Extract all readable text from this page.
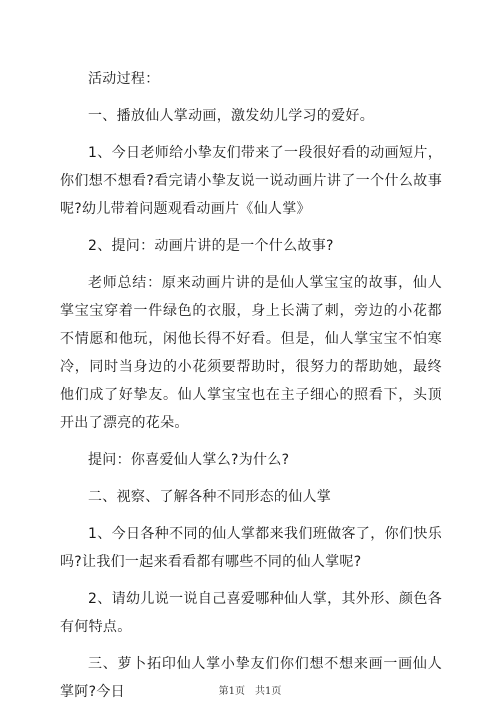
活动过程：

一、播放仙人掌动画，激发幼儿学习的爱好。

1、今日老师给小挚友们带来了一段很好看的动画短片，你们想不想看?看完请小挚友说一说动画片讲了一个什么故事呢?幼儿带着问题观看动画片《仙人掌》

2、提问：动画片讲的是一个什么故事?

老师总结：原来动画片讲的是仙人掌宝宝的故事，仙人掌宝宝穿着一件绿色的衣服，身上长满了刺，旁边的小花都不情愿和他玩，闲他长得不好看。但是，仙人掌宝宝不怕寒冷，同时当身边的小花须要帮助时，很努力的帮助她，最终他们成了好挚友。仙人掌宝宝也在主子细心的照看下，头顶开出了漂亮的花朵。

提问：你喜爱仙人掌么?为什么?

二、视察、了解各种不同形态的仙人掌

1、今日各种不同的仙人掌都来我们班做客了，你们快乐吗?让我们一起来看看都有哪些不同的仙人掌呢?

2、请幼儿说一说自己喜爱哪种仙人掌，其外形、颜色各有何特点。

三、萝卜拓印仙人掌小挚友们你们想不想来画一画仙人掌阿?今日	第1页　共1页
